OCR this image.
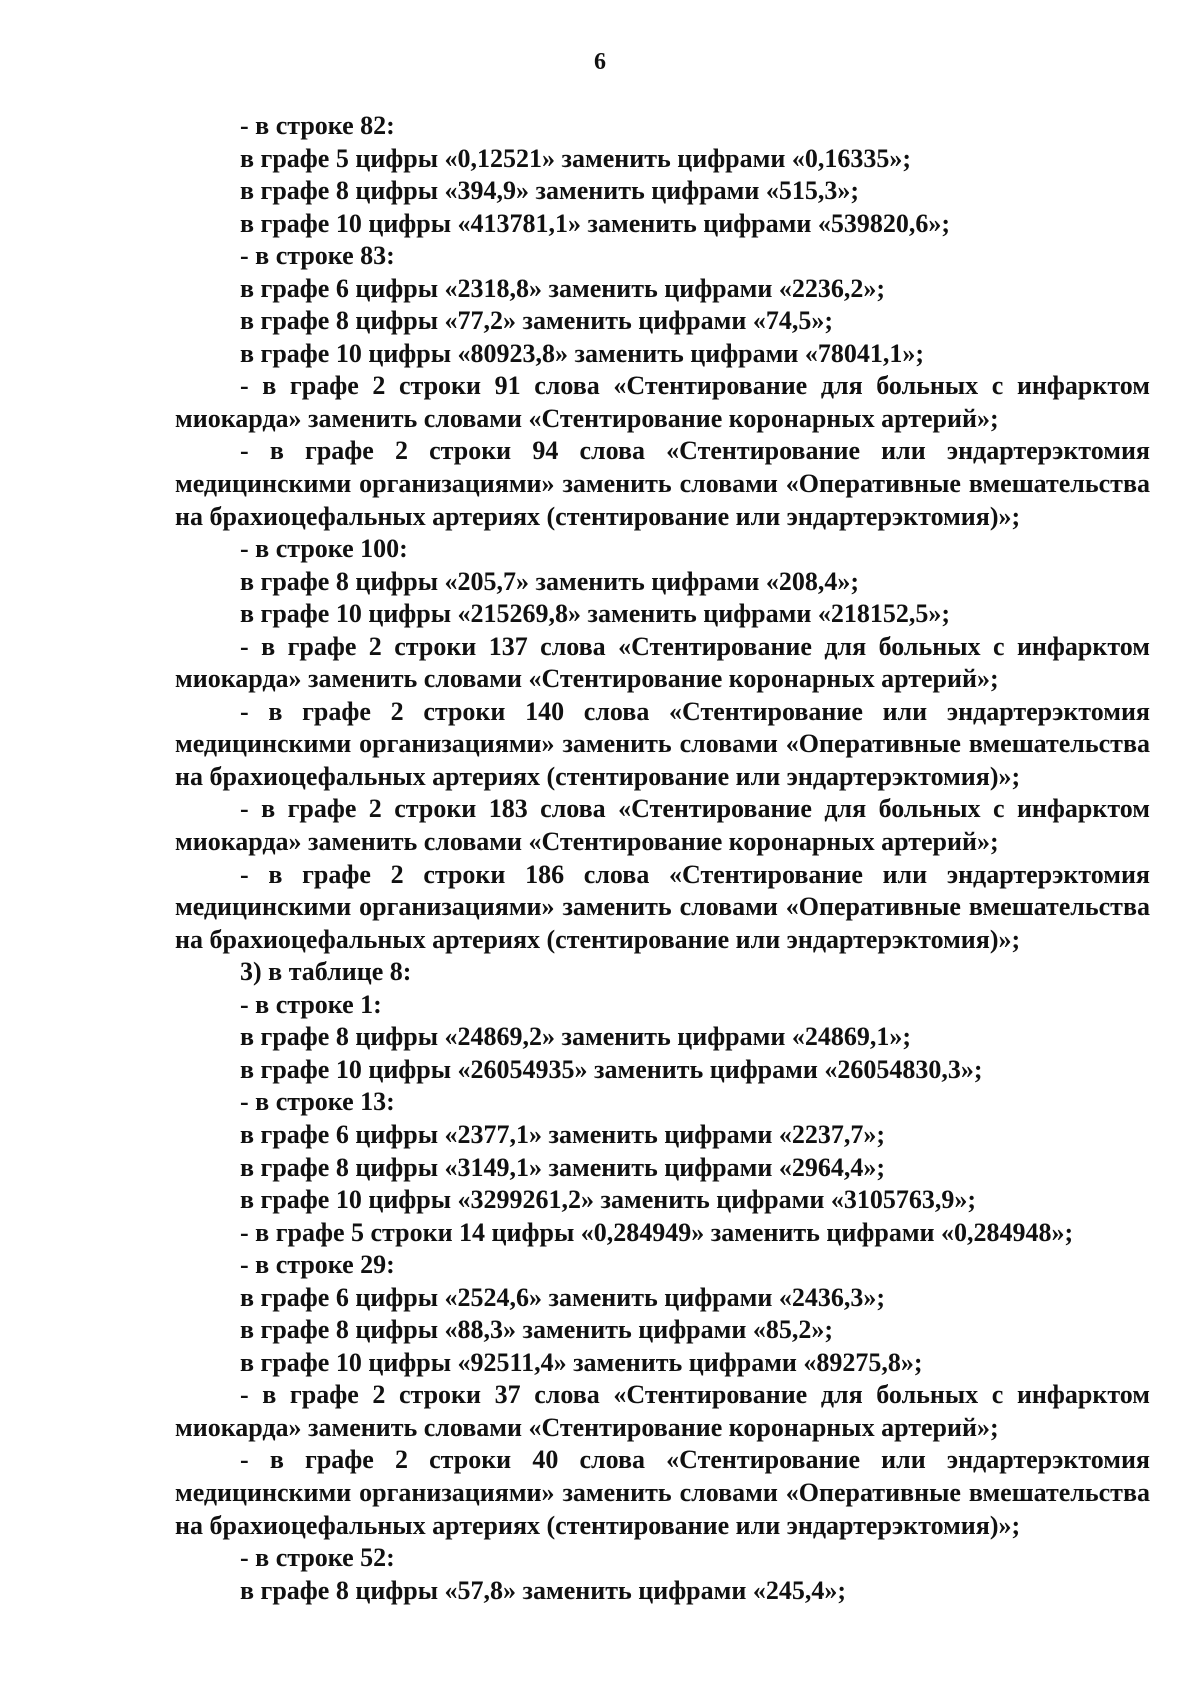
6

- в строке 82:

в графе 5 цифры «0,12521» заменить цифрами «0,16335»;

в графе 8 цифры «394,9» заменить цифрами «515,3»;

в графе 10 цифры «413781,1» заменить цифрами «539820,6»;

- в строке 83:

в графе 6 цифры «2318,8» заменить цифрами «2236,2»;

в графе 8 цифры «77,2» заменить цифрами «74,5»;

в графе 10 цифры «80923,8» заменить цифрами «78041,1»;

- в графе 2 строки 91 слова «Стентирование для больных с инфарктом миокарда» заменить словами «Стентирование коронарных артерий»;

- в графе 2 строки 94 слова «Стентирование или эндартерэктомия медицинскими организациями» заменить словами «Оперативные вмешательства на брахиоцефальных артериях (стентирование или эндартерэктомия)»;

- в строке 100:

в графе 8 цифры «205,7» заменить цифрами «208,4»;

в графе 10 цифры «215269,8» заменить цифрами «218152,5»;

- в графе 2 строки 137 слова «Стентирование для больных с инфарктом миокарда» заменить словами «Стентирование коронарных артерий»;

- в графе 2 строки 140 слова «Стентирование или эндартерэктомия медицинскими организациями» заменить словами «Оперативные вмешательства на брахиоцефальных артериях (стентирование или эндартерэктомия)»;

- в графе 2 строки 183 слова «Стентирование для больных с инфарктом миокарда» заменить словами «Стентирование коронарных артерий»;

- в графе 2 строки 186 слова «Стентирование или эндартерэктомия медицинскими организациями» заменить словами «Оперативные вмешательства на брахиоцефальных артериях (стентирование или эндартерэктомия)»;

3) в таблице 8:

- в строке 1:

в графе 8 цифры «24869,2» заменить цифрами «24869,1»;

в графе 10 цифры «26054935» заменить цифрами «26054830,3»;

- в строке 13:

в графе 6 цифры «2377,1» заменить цифрами «2237,7»;

в графе 8 цифры «3149,1» заменить цифрами «2964,4»;

в графе 10 цифры «3299261,2» заменить цифрами «3105763,9»;

- в графе 5 строки 14 цифры «0,284949» заменить цифрами «0,284948»;

- в строке 29:

в графе 6 цифры «2524,6» заменить цифрами «2436,3»;

в графе 8 цифры «88,3» заменить цифрами «85,2»;

в графе 10 цифры «92511,4» заменить цифрами «89275,8»;

- в графе 2 строки 37 слова «Стентирование для больных с инфарктом миокарда» заменить словами «Стентирование коронарных артерий»;

- в графе 2 строки 40 слова «Стентирование или эндартерэктомия медицинскими организациями» заменить словами «Оперативные вмешательства на брахиоцефальных артериях (стентирование или эндартерэктомия)»;

- в строке 52:

в графе 8 цифры «57,8» заменить цифрами «245,4»;
